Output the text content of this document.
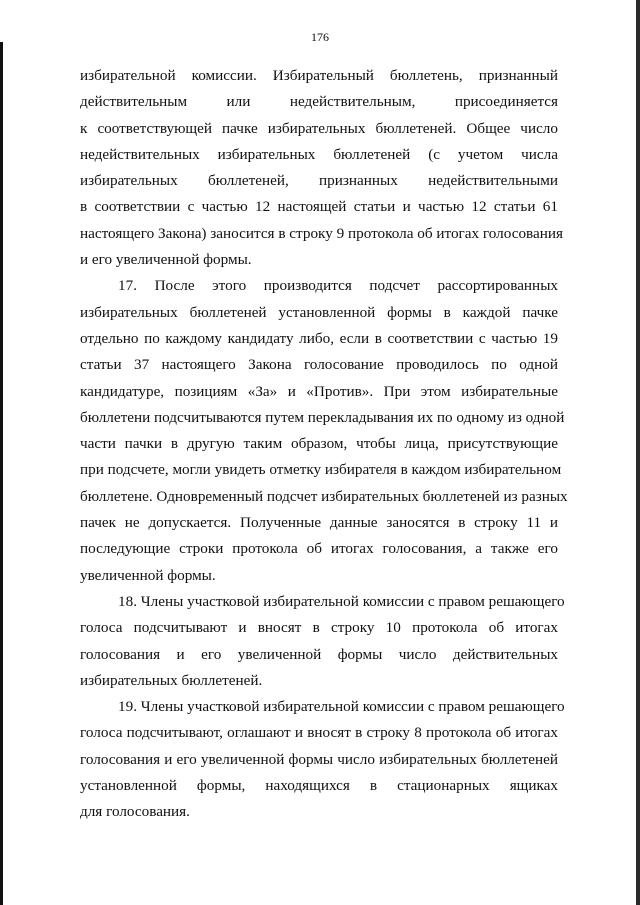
176
избирательной комиссии. Избирательный бюллетень, признанный
действительным или недействительным, присоединяется
к соответствующей пачке избирательных бюллетеней. Общее число
недействительных избирательных бюллетеней (с учетом числа
избирательных бюллетеней, признанных недействительными
в соответствии с частью 12 настоящей статьи и частью 12 статьи 61
настоящего Закона) заносится в строку 9 протокола об итогах голосования
и его увеличенной формы.
17. После этого производится подсчет рассортированных
избирательных бюллетеней установленной формы в каждой пачке
отдельно по каждому кандидату либо, если в соответствии с частью 19
статьи 37 настоящего Закона голосование проводилось по одной
кандидатуре, позициям «За» и «Против». При этом избирательные
бюллетени подсчитываются путем перекладывания их по одному из одной
части пачки в другую таким образом, чтобы лица, присутствующие
при подсчете, могли увидеть отметку избирателя в каждом избирательном
бюллетене. Одновременный подсчет избирательных бюллетеней из разных
пачек не допускается. Полученные данные заносятся в строку 11 и
последующие строки протокола об итогах голосования, а также его
увеличенной формы.
18. Члены участковой избирательной комиссии с правом решающего
голоса подсчитывают и вносят в строку 10 протокола об итогах
голосования и его увеличенной формы число действительных
избирательных бюллетеней.
19. Члены участковой избирательной комиссии с правом решающего
голоса подсчитывают, оглашают и вносят в строку 8 протокола об итогах
голосования и его увеличенной формы число избирательных бюллетеней
установленной формы, находящихся в стационарных ящиках
для голосования.
